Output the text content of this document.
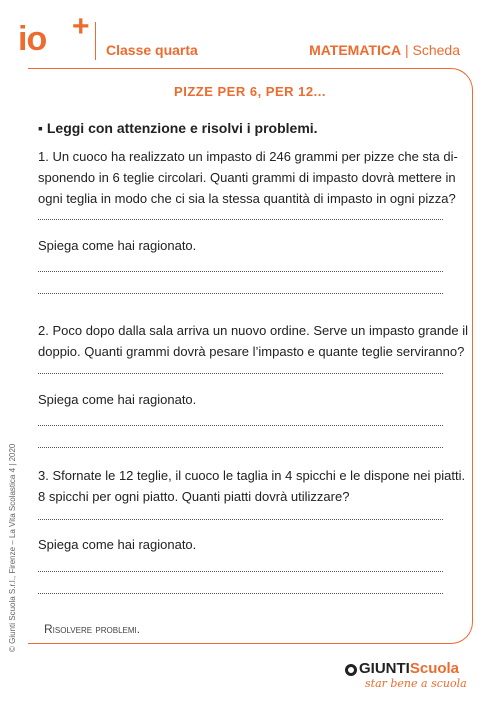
io +
Classe quarta	MATEMATICA | Scheda
PIZZE PER 6, PER 12...
▪ Leggi con attenzione e risolvi i problemi.
1. Un cuoco ha realizzato un impasto di 246 grammi per pizze che sta di-
sponendo in 6 teglie circolari. Quanti grammi di impasto dovrà mettere in
ogni teglia in modo che ci sia la stessa quantità di impasto in ogni pizza?
Spiega come hai ragionato.
2. Poco dopo dalla sala arriva un nuovo ordine. Serve un impasto grande il
doppio. Quanti grammi dovrà pesare l’impasto e quante teglie serviranno?
Spiega come hai ragionato.
3. Sfornate le 12 teglie, il cuoco le taglia in 4 spicchi e le dispone nei piatti.
8 spicchi per ogni piatto. Quanti piatti dovrà utilizzare?
Spiega come hai ragionato.
Risolvere problemi.
© Giunti Scuola S.r.l., Firenze – La Vita Scolastica 4 | 2020
GIUNTIScuola
star bene a scuola
